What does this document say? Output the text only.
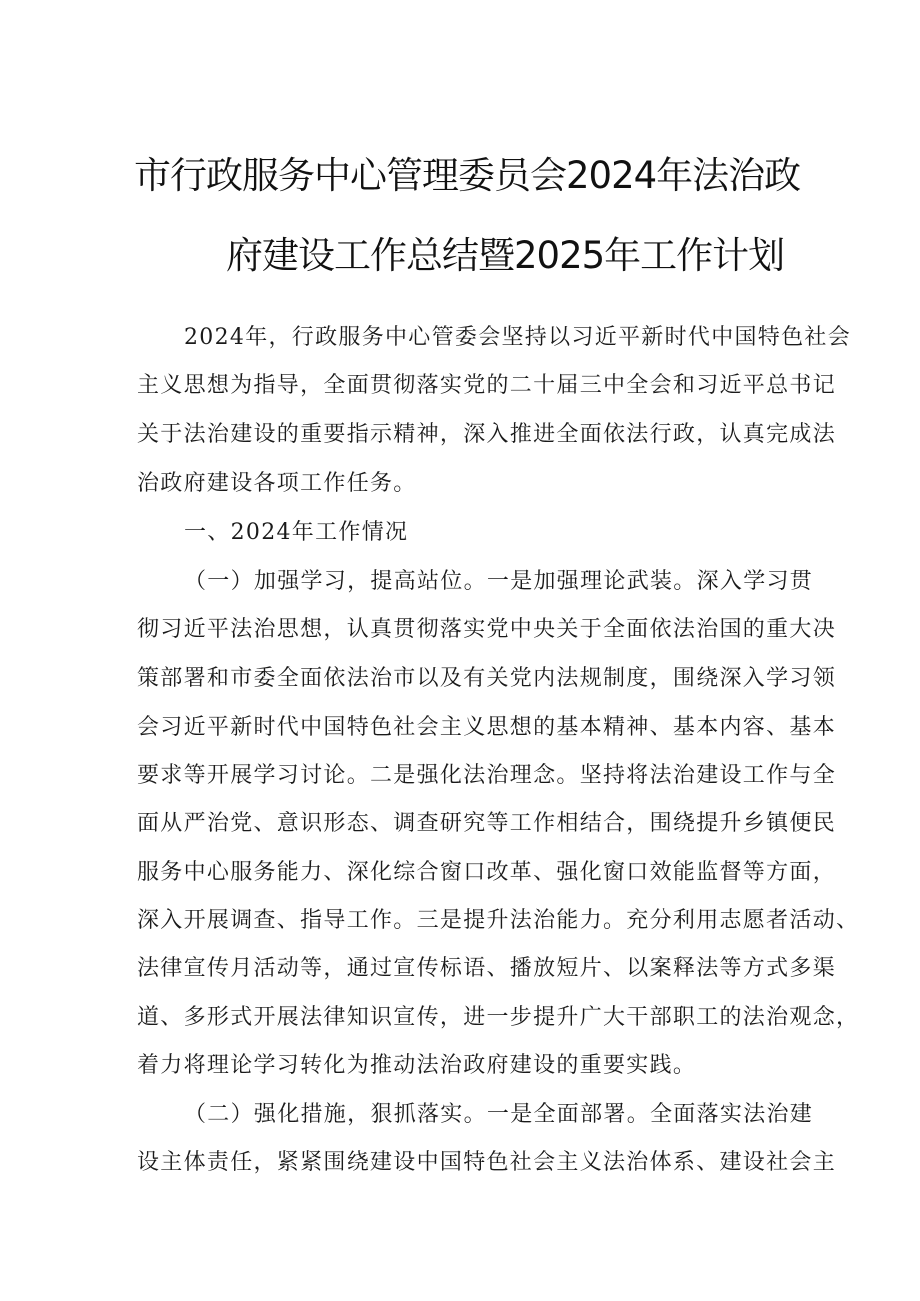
市行政服务中心管理委员会2024年法治政
府建设工作总结暨2025年工作计划
2024年，行政服务中心管委会坚持以习近平新时代中国特色社会
主义思想为指导，全面贯彻落实党的二十届三中全会和习近平总书记
关于法治建设的重要指示精神，深入推进全面依法行政，认真完成法
治政府建设各项工作任务。
一、2024年工作情况
（一）加强学习，提高站位。一是加强理论武装。深入学习贯
彻习近平法治思想，认真贯彻落实党中央关于全面依法治国的重大决
策部署和市委全面依法治市以及有关党内法规制度，围绕深入学习领
会习近平新时代中国特色社会主义思想的基本精神、基本内容、基本
要求等开展学习讨论。二是强化法治理念。坚持将法治建设工作与全
面从严治党、意识形态、调查研究等工作相结合，围绕提升乡镇便民
服务中心服务能力、深化综合窗口改革、强化窗口效能监督等方面，
深入开展调查、指导工作。三是提升法治能力。充分利用志愿者活动、
法律宣传月活动等，通过宣传标语、播放短片、以案释法等方式多渠
道、多形式开展法律知识宣传，进一步提升广大干部职工的法治观念，
着力将理论学习转化为推动法治政府建设的重要实践。
（二）强化措施，狠抓落实。一是全面部署。全面落实法治建
设主体责任，紧紧围绕建设中国特色社会主义法治体系、建设社会主
